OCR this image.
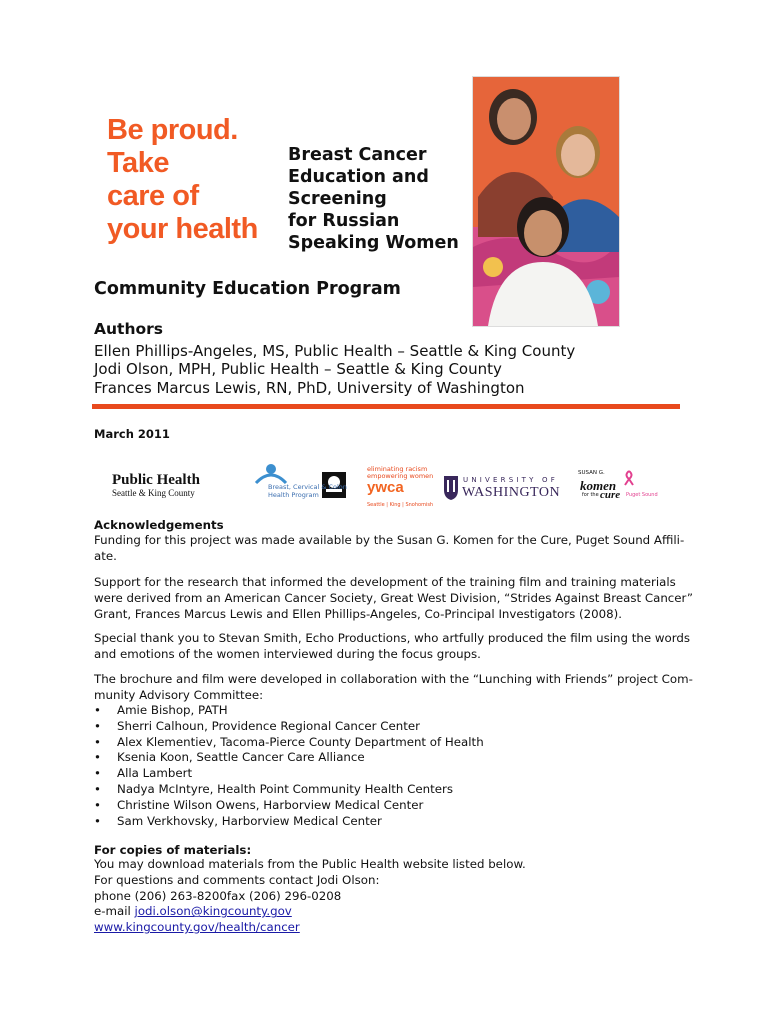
Be proud.
Take
care of
your health
Breast Cancer
Education and
Screening
for Russian
Speaking Women
Community Education Program
Authors
Ellen Phillips-Angeles, MS, Public Health – Seattle & King County
Jodi Olson, MPH, Public Health – Seattle & King County
Frances Marcus Lewis, RN, PhD, University of Washington
March 2011
Public Health
Seattle & King County
Breast, Cervical & Colon
Health Program
eliminating racism
empowering women
ywca
Seattle | King | Snohomish
UNIVERSITY OF
WASHINGTON
SUSAN G.
komen
for the cure Puget Sound
Acknowledgements
Funding for this project was made available by the Susan G. Komen for the Cure, Puget Sound Affili-
ate.
Support for the research that informed the development of the training film and training materials
were derived from an American Cancer Society, Great West Division, “Strides Against Breast Cancer”
Grant, Frances Marcus Lewis and Ellen Phillips-Angeles, Co-Principal Investigators (2008).
Special thank you to Stevan Smith, Echo Productions, who artfully produced the film using the words
and emotions of the women interviewed during the focus groups.
The brochure and film were developed in collaboration with the “Lunching with Friends” project Com-
munity Advisory Committee:
• Amie Bishop, PATH
• Sherri Calhoun, Providence Regional Cancer Center
• Alex Klementiev, Tacoma-Pierce County Department of Health
• Ksenia Koon, Seattle Cancer Care Alliance
• Alla Lambert
• Nadya McIntyre, Health Point Community Health Centers
• Christine Wilson Owens, Harborview Medical Center
• Sam Verkhovsky, Harborview Medical Center
For copies of materials:
You may download materials from the Public Health website listed below.
For questions and comments contact Jodi Olson:
phone (206) 263-8200fax (206) 296-0208
e-mail jodi.olson@kingcounty.gov
www.kingcounty.gov/health/cancer
